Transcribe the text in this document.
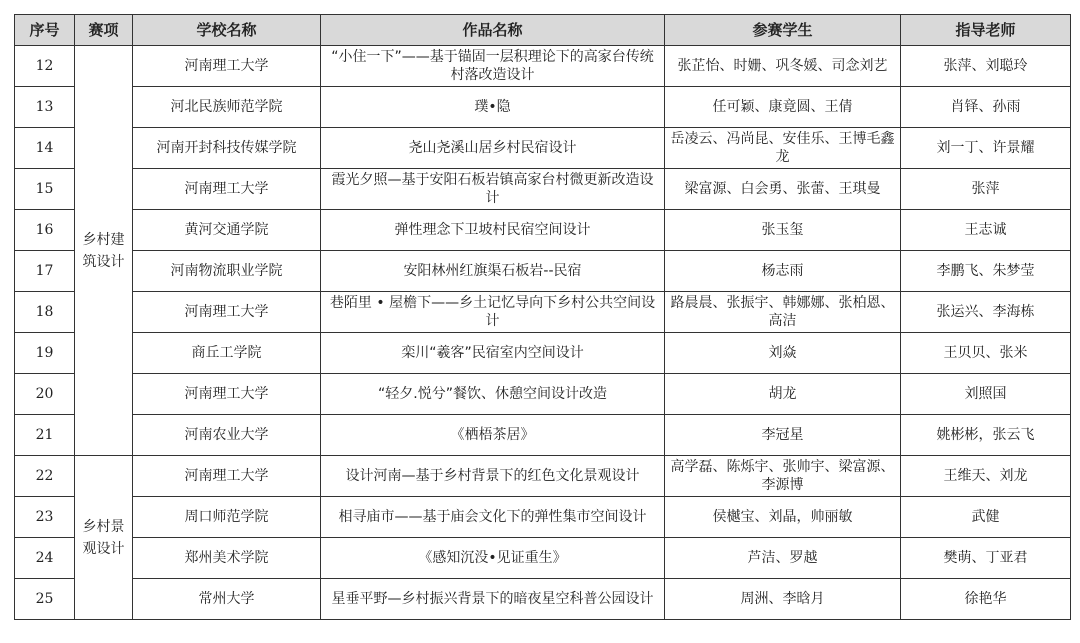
序号	赛项	学校名称	作品名称	参赛学生	指导老师
12	乡村建筑设计	河南理工大学	“小住一下”——基于锚固一层积理论下的高家台传统村落改造设计	张芷怡、时姗、巩冬媛、司念刘艺	张萍、刘聪玲
13		河北民族师范学院	璞•隐	任可颖、康竟圆、王倩	肖铎、孙雨
14		河南开封科技传媒学院	尧山尧溪山居乡村民宿设计	岳凌云、冯尚昆、安佳乐、王博毛鑫龙	刘一丁、许景耀
15		河南理工大学	霞光夕照—基于安阳石板岩镇高家台村微更新改造设计	梁富源、白会勇、张蕾、王琪曼	张萍
16		黄河交通学院	弹性理念下卫坡村民宿空间设计	张玉玺	王志诚
17		河南物流职业学院	安阳林州红旗渠石板岩--民宿	杨志雨	李鹏飞、朱梦莹
18		河南理工大学	巷陌里 • 屋檐下——乡土记忆导向下乡村公共空间设计	路晨晨、张振宇、韩娜娜、张柏恩、高洁	张运兴、李海栋
19		商丘工学院	栾川“羲客”民宿室内空间设计	刘焱	王贝贝、张米
20		河南理工大学	“轻夕.悦兮”餐饮、休憩空间设计改造	胡龙	刘照国
21		河南农业大学	《栖梧茶居》	李冠星	姚彬彬，张云飞
22	乡村景观设计	河南理工大学	设计河南—基于乡村背景下的红色文化景观设计	高学磊、陈烁宇、张帅宇、梁富源、李源博	王维天、刘龙
23		周口师范学院	相寻庙市——基于庙会文化下的弹性集市空间设计	侯樾宝、刘晶，帅丽敏	武健
24		郑州美术学院	《感知沉没•见证重生》	芦洁、罗越	樊萌、丁亚君
25		常州大学	星垂平野—乡村振兴背景下的暗夜星空科普公园设计	周洲、李晗月	徐艳华
